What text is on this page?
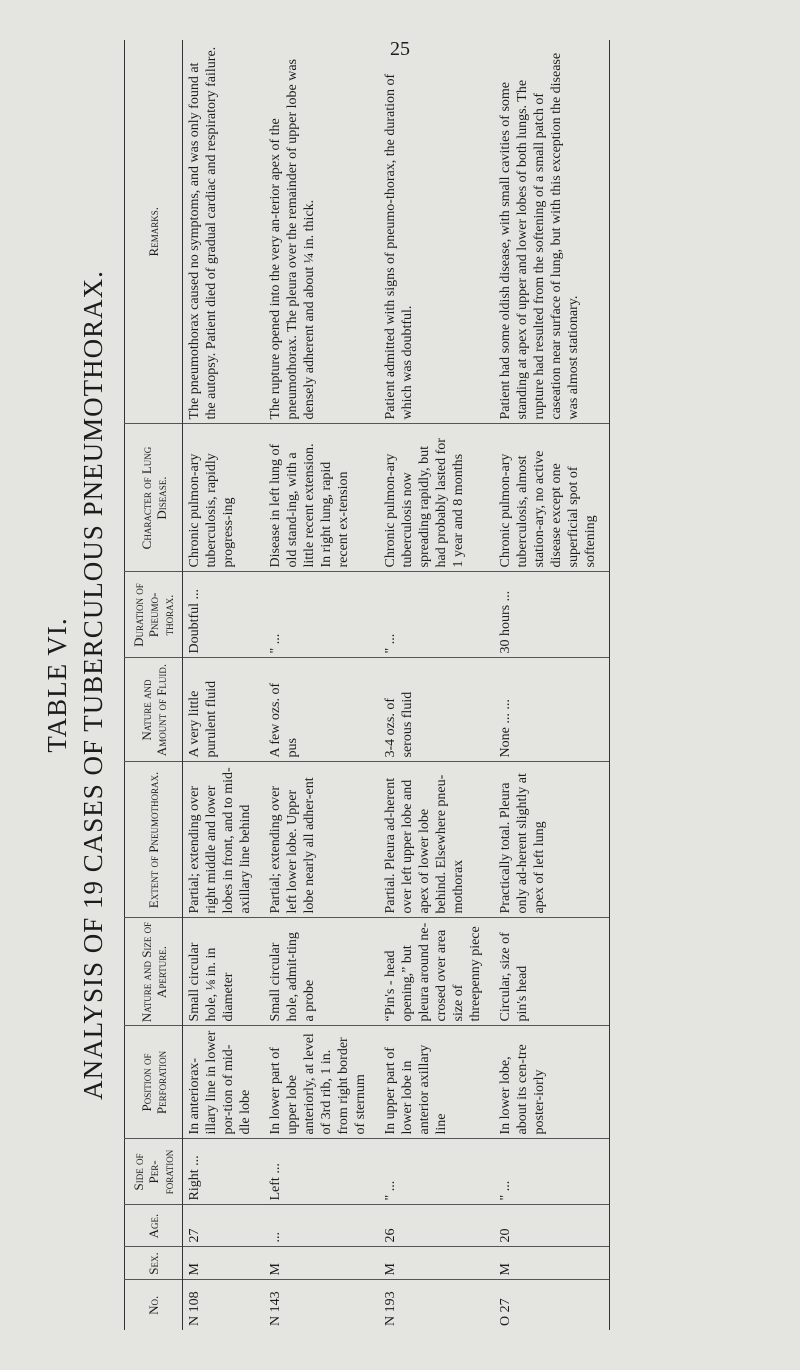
25
TABLE VI. ANALYSIS OF 19 CASES OF TUBERCULOUS PNEUMOTHORAX.
No.	Sex.	Age.	Side of Per-foration	Position of Perforation	Nature and Size of Aperture.	Extent of Pneumothorax.	Nature and Amount of Fluid.	Duration of Pneumo-thorax.	Character of Lung Disease.	Remarks.
N 108	M	27	Right ...	In anteriorax-illary line in lower por-tion of mid-dle lobe	Small circular hole, ⅛ in. in diameter	Partial; extending over right middle and lower lobes in front, and to mid-axillary line behind	A very little purulent fluid	Doubtful ...	Chronic pulmon-ary tuberculosis, rapidly progress-ing	The pneumothorax caused no symptoms, and was only found at the autopsy. Patient died of gradual cardiac and respiratory failure.
N 143	M	...	Left ...	In lower part of upper lobe anteriorly, at level of 3rd rib, 1 in. from right border of sternum	Small circular hole, admit-ting a probe	Partial; extending over left lower lobe. Upper lobe nearly all adher-ent	A few ozs. of pus	" ...	Disease in left lung of old stand-ing, with a little recent extension. In right lung, rapid recent ex-tension	The rupture opened into the very an-terior apex of the pneumothorax. The pleura over the remainder of upper lobe was densely adherent and about ¼ in. thick.
N 193	M	26	" ...	In upper part of lower lobe in anterior axillary line	“Pin's - head opening,” but pleura around ne-crosed over area size of threepenny piece	Partial. Pleura ad-herent over left upper lobe and apex of lower lobe behind. Elsewhere pneu-mothorax	3-4 ozs. of serous fluid	" ...	Chronic pulmon-ary tuberculosis now spreading rapidly, but had probably lasted for 1 year and 8 months	Patient admitted with signs of pneumo-thorax, the duration of which was doubtful.
O 27	M	20	" ...	In lower lobe, about its cen-tre poster-iorly	Circular, size of pin's head	Practically total. Pleura only ad-herent slightly at apex of left lung	None ... ...	30 hours ...	Chronic pulmon-ary tuberculosis, almost station-ary, no active disease except one superficial spot of softening	Patient had some oldish disease, with small cavities of some standing at apex of upper and lower lobes of both lungs. The rupture had resulted from the softening of a small patch of caseation near surface of lung, but with this exception the disease was almost stationary.
